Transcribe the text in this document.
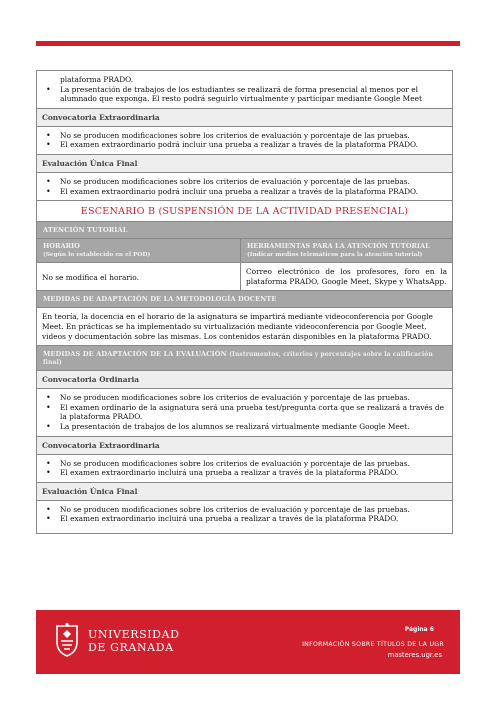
plataforma PRADO.
• La presentación de trabajos de los estudiantes se realizará de forma presencial al menos por el alumnado que exponga. El resto podrá seguirlo virtualmente y participar mediante Google Meet
Convocatoria Extraordinaria
• No se producen modificaciones sobre los criterios de evaluación y porcentaje de las pruebas.
• El examen extraordinario podrá incluir una prueba a realizar a través de la plataforma PRADO.
Evaluación Única Final
• No se producen modificaciones sobre los criterios de evaluación y porcentaje de las pruebas.
• El examen extraordinario podrá incluir una prueba a realizar a través de la plataforma PRADO.
ESCENARIO B (SUSPENSIÓN DE LA ACTIVIDAD PRESENCIAL)
ATENCIÓN TUTORIAL
HORARIO
(Según lo establecido en el POD)
HERRAMIENTAS PARA LA ATENCIÓN TUTORIAL
(Indicar medios telemáticos para la atención tutorial)
No se modifica el horario.
Correo electrónico de los profesores, foro en la plataforma PRADO, Google Meet, Skype y WhatsApp.
MEDIDAS DE ADAPTACIÓN DE LA METODOLOGÍA DOCENTE
En teoría, la docencia en el horario de la asignatura se impartirá mediante videoconferencia por Google Meet. En prácticas se ha implementado su virtualización mediante videoconferencia por Google Meet, videos y documentación sobre las mismas. Los contenidos estarán disponibles en la plataforma PRADO.
MEDIDAS DE ADAPTACIÓN DE LA EVALUACIÓN (Instrumentos, criterios y porcentajes sobre la calificación final)
Convocatoria Ordinaria
• No se producen modificaciones sobre los criterios de evaluación y porcentaje de las pruebas.
• El examen ordinario de la asignatura será una prueba test/pregunta corta que se realizará a través de la plataforma PRADO.
• La presentación de trabajos de los alumnos se realizará virtualmente mediante Google Meet.
Convocatoria Extraordinaria
• No se producen modificaciones sobre los criterios de evaluación y porcentaje de las pruebas.
• El examen extraordinario incluirá una prueba a realizar a través de la plataforma PRADO.
Evaluación Única Final
• No se producen modificaciones sobre los criterios de evaluación y porcentaje de las pruebas.
• El examen extraordinario incluirá una prueba a realizar a través de la plataforma PRADO.
UNIVERSIDAD
DE GRANADA
Página 6
INFORMACIÓN SOBRE TÍTULOS DE LA UGR
masteres.ugr.es
